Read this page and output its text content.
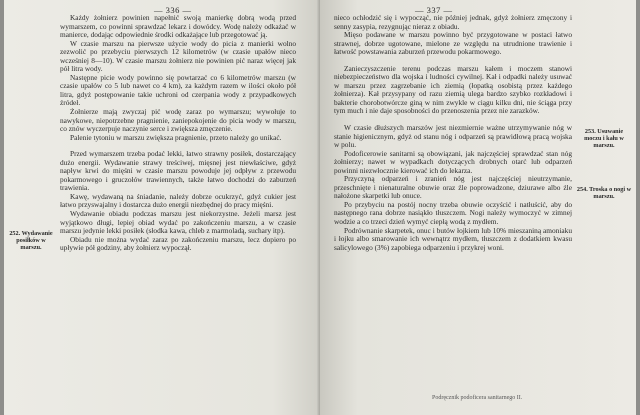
— 336 —

Każdy żołnierz powinien napełnić swoją manierkę dobrą wodą przed wymarszem, co powinni sprawdzać lekarz i dowódcy. Wodę należy odkażać w manierce, dodając odpowiednie środki odkażające lub przegotować ją.

W czasie marszu na pierwsze użycie wody do picia z manierki wolno zezwolić po przebyciu pierwszych 12 kilometrów (w czasie upałów nieco wcześniej 8—10). W czasie marszu żołnierz nie powinien pić naraz więcej jak pół litra wody.

Następne picie wody powinno się powtarzać co 6 kilometrów marszu (w czasie upałów co 5 lub nawet co 4 km), za każdym razem w ilości około pół litra, gdyż postępowanie takie uchroni od czerpania wody z przypadkowych źródeł.

Żołnierze mają zwyczaj pić wodę zaraz po wymarszu; wywołuje to nawykowe, niepotrzebne pragnienie, zaniepokojenie do picia wody w marszu, co znów wyczerpuje naczynie serce i zwiększa zmęczenie.

Palenie tytoniu w marszu zwiększa pragnienie, przeto należy go unikać.

Przed wymarszem trzeba podać lekki, łatwo strawny posiłek, dostarczający dużo energii. Wydawanie strawy treściwej, mięsnej jest niewłaściwe, gdyż napływ krwi do mięśni w czasie marszu powoduje jej odpływ z przewodu pokarmowego i gruczołów trawiennych, także łatwo dochodzi do zaburzeń trawienia.

Kawę, wydawaną na śniadanie, należy dobrze ocukrzyć, gdyż cukier jest łatwo przyswajalny i dostarcza dużo energii niezbędnej do pracy mięśni.

Wydawanie obiadu podczas marszu jest niekorzystne. Jeżeli marsz jest wyjątkowo długi, lepiej obiad wydać po zakończeniu marszu, a w czasie marszu jedynie lekki posiłek (słodka kawa, chleb z marmoladą, suchary itp).

Obiadu nie można wydać zaraz po zakończeniu marszu, lecz dopiero po upływie pół godziny, aby żołnierz wypoczął.

252. Wydawanie posiłków w marszu.
— 337 —

nieco ochłodzić się i wypocząć, nie później jednak, gdyż żołnierz zmęczony i senny zasypia, rezygnując nieraz z obiadu.

Mięso podawane w marszu powinno być przygotowane w postaci łatwo strawnej, dobrze ugotowane, mielone ze względu na utrudnione trawienie i łatwość powstawania zaburzeń przewodu pokarmowego.

Zanieczyszczenie terenu podczas marszu kałem i moczem stanowi niebezpieczeństwo dla wojska i ludności cywilnej. Kał i odpadki należy usuwać w marszu przez zagrzebanie ich ziemią (łopatką osobistą przez każdego żołnierza). Kał przysypany od razu ziemią ulega bardzo szybko rozkładowi i bakterie chorobotwórcze giną w nim zwykle w ciągu kilku dni, nie ściąga przy tym much i nie daje sposobności do przenoszenia przez nie zarazków.

W czasie dłuższych marszów jest niezmiernie ważne utrzymywanie nóg w stanie higienicznym, gdyż od stanu nóg i odparzeń są prawidłową pracą wojska w polu.

Podoficerowie sanitarni są obowiązani, jak najczęściej sprawdzać stan nóg żołnierzy; nawet w wypadkach dotyczących drobnych otarć lub odparzeń powinni niezwłocznie kierować ich do lekarza.

Przyczyną odparzeń i zranień nóg jest najczęściej nieutrzymanie, przeschnięte i nienaturalne obuwie oraz źle poprowadzone, dziurawe albo źle nałożone skarpetki lub onuce.

Po przybyciu na postój nocny trzeba obuwie oczyścić i natłuścić, aby do następnego rana dobrze nasiąkło tłuszczem. Nogi należy wymoczyć w zimnej wodzie a co trzeci dzień wymyć ciepłą wodą z mydłem.

Podrównanie skarpetek, onuc i butów łojkiem lub 10% mieszaniną amoniaku i łojku albo smarowanie ich wewnątrz mydłem, tłuszczem z dodatkiem kwasu salicylowego (3%) zapobiega odparzeniu i przykrej woni.

253. Usuwanie moczu i kału w marszu.
254. Troska o nogi w marszu.
Podręcznik podoficera sanitarnego II.
